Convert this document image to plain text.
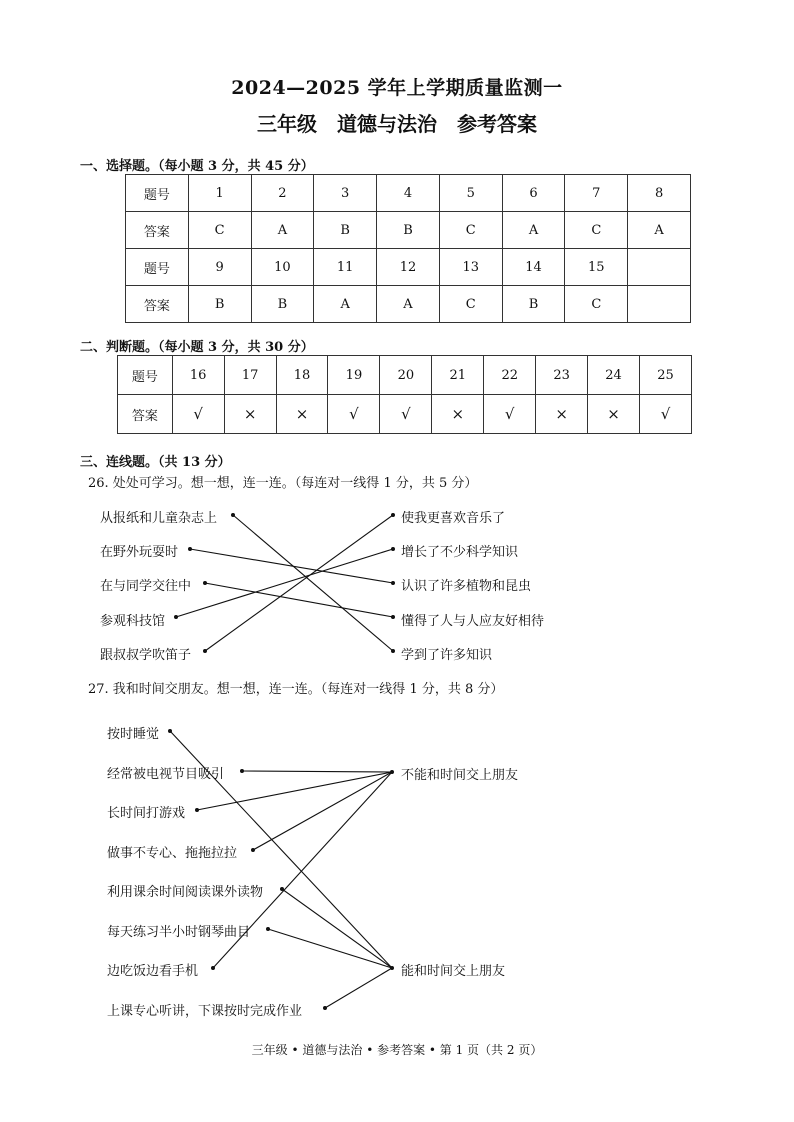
2024—2025 学年上学期质量监测一
三年级　道德与法治　参考答案
一、选择题。（每小题 3 分，共 45 分）
题号	1	2	3	4	5	6	7	8
答案	C	A	B	B	C	A	C	A
题号	9	10	11	12	13	14	15	
答案	B	B	A	A	C	B	C	
二、判断题。（每小题 3 分，共 30 分）
题号	16	17	18	19	20	21	22	23	24	25
答案	√	×	×	√	√	×	√	×	×	√
三、连线题。（共 13 分）
26. 处处可学习。想一想，连一连。（每连对一线得 1 分，共 5 分）
从报纸和儿童杂志上
在野外玩耍时
在与同学交往中
参观科技馆
跟叔叔学吹笛子
使我更喜欢音乐了
增长了不少科学知识
认识了许多植物和昆虫
懂得了人与人应友好相待
学到了许多知识
27. 我和时间交朋友。想一想，连一连。（每连对一线得 1 分，共 8 分）
按时睡觉
经常被电视节目吸引
长时间打游戏
做事不专心、拖拖拉拉
利用课余时间阅读课外读物
每天练习半小时钢琴曲目
边吃饭边看手机
上课专心听讲，下课按时完成作业
不能和时间交上朋友
能和时间交上朋友
三年级 • 道德与法治 • 参考答案 • 第 1 页（共 2 页）
